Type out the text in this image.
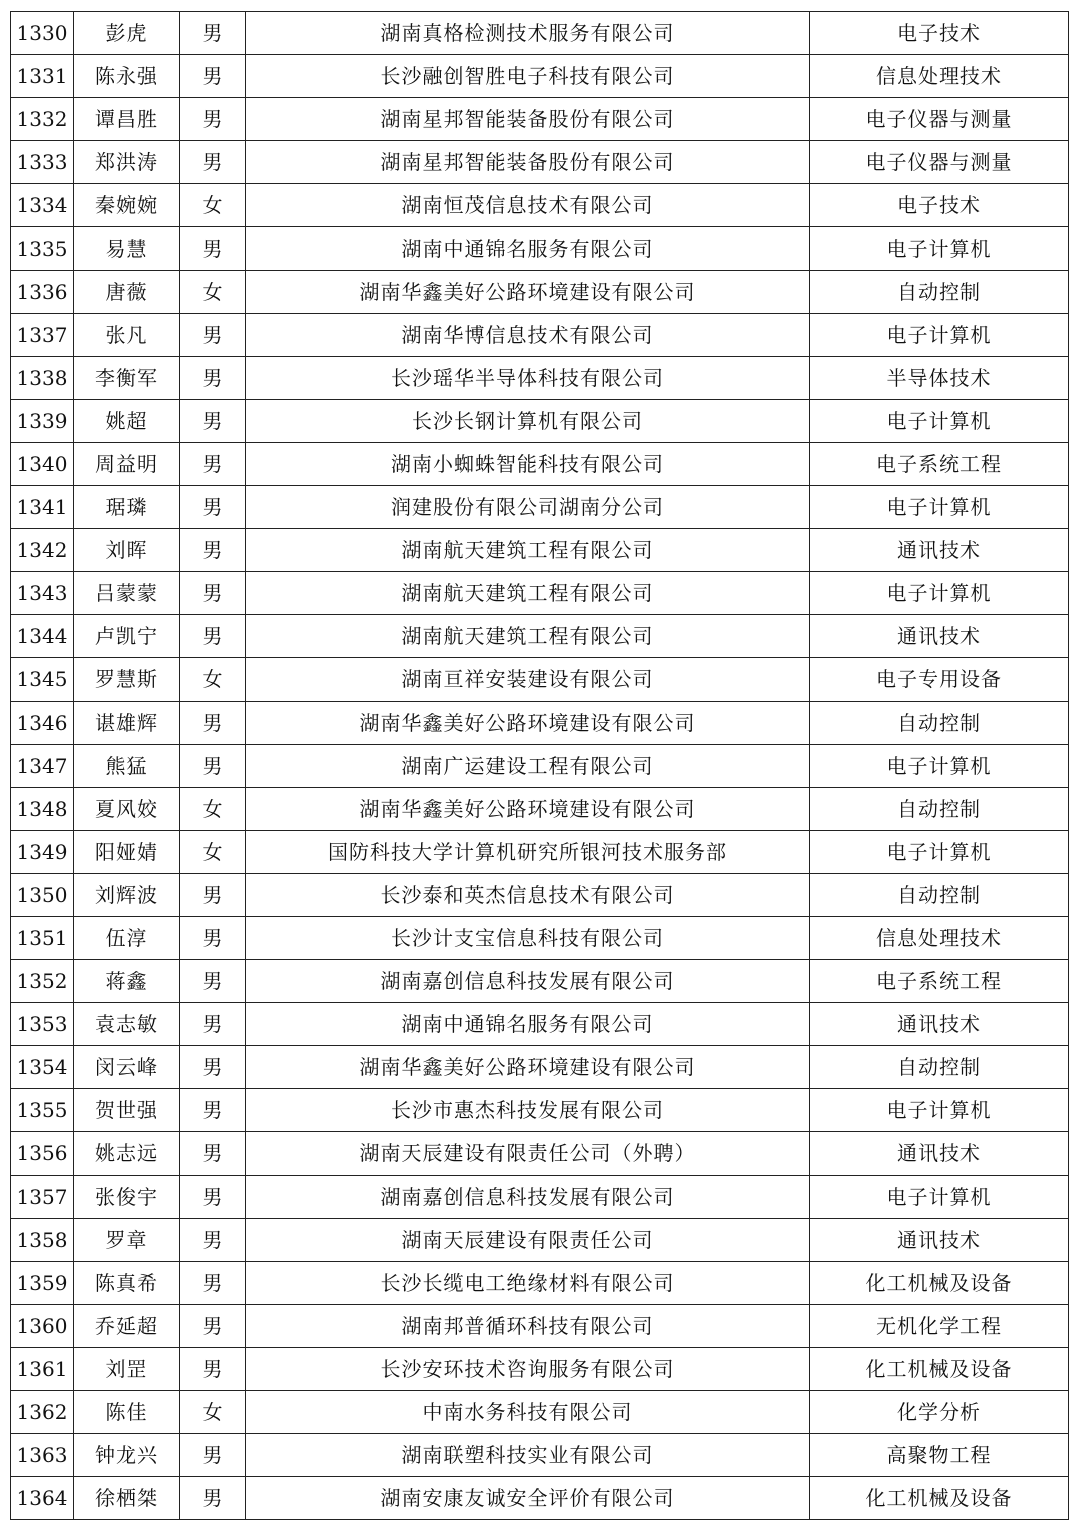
1330	彭虎	男	湖南真格检测技术服务有限公司	电子技术
1331	陈永强	男	长沙融创智胜电子科技有限公司	信息处理技术
1332	谭昌胜	男	湖南星邦智能装备股份有限公司	电子仪器与测量
1333	郑洪涛	男	湖南星邦智能装备股份有限公司	电子仪器与测量
1334	秦婉婉	女	湖南恒茂信息技术有限公司	电子技术
1335	易慧	男	湖南中通锦名服务有限公司	电子计算机
1336	唐薇	女	湖南华鑫美好公路环境建设有限公司	自动控制
1337	张凡	男	湖南华博信息技术有限公司	电子计算机
1338	李衡军	男	长沙瑶华半导体科技有限公司	半导体技术
1339	姚超	男	长沙长钢计算机有限公司	电子计算机
1340	周益明	男	湖南小蜘蛛智能科技有限公司	电子系统工程
1341	琚璘	男	润建股份有限公司湖南分公司	电子计算机
1342	刘晖	男	湖南航天建筑工程有限公司	通讯技术
1343	吕蒙蒙	男	湖南航天建筑工程有限公司	电子计算机
1344	卢凯宁	男	湖南航天建筑工程有限公司	通讯技术
1345	罗慧斯	女	湖南亘祥安装建设有限公司	电子专用设备
1346	谌雄辉	男	湖南华鑫美好公路环境建设有限公司	自动控制
1347	熊猛	男	湖南广运建设工程有限公司	电子计算机
1348	夏风姣	女	湖南华鑫美好公路环境建设有限公司	自动控制
1349	阳娅婧	女	国防科技大学计算机研究所银河技术服务部	电子计算机
1350	刘辉波	男	长沙泰和英杰信息技术有限公司	自动控制
1351	伍淳	男	长沙计支宝信息科技有限公司	信息处理技术
1352	蒋鑫	男	湖南嘉创信息科技发展有限公司	电子系统工程
1353	袁志敏	男	湖南中通锦名服务有限公司	通讯技术
1354	闵云峰	男	湖南华鑫美好公路环境建设有限公司	自动控制
1355	贺世强	男	长沙市惠杰科技发展有限公司	电子计算机
1356	姚志远	男	湖南天辰建设有限责任公司（外聘）	通讯技术
1357	张俊宇	男	湖南嘉创信息科技发展有限公司	电子计算机
1358	罗章	男	湖南天辰建设有限责任公司	通讯技术
1359	陈真希	男	长沙长缆电工绝缘材料有限公司	化工机械及设备
1360	乔延超	男	湖南邦普循环科技有限公司	无机化学工程
1361	刘罡	男	长沙安环技术咨询服务有限公司	化工机械及设备
1362	陈佳	女	中南水务科技有限公司	化学分析
1363	钟龙兴	男	湖南联塑科技实业有限公司	高聚物工程
1364	徐栖桀	男	湖南安康友诚安全评价有限公司	化工机械及设备
